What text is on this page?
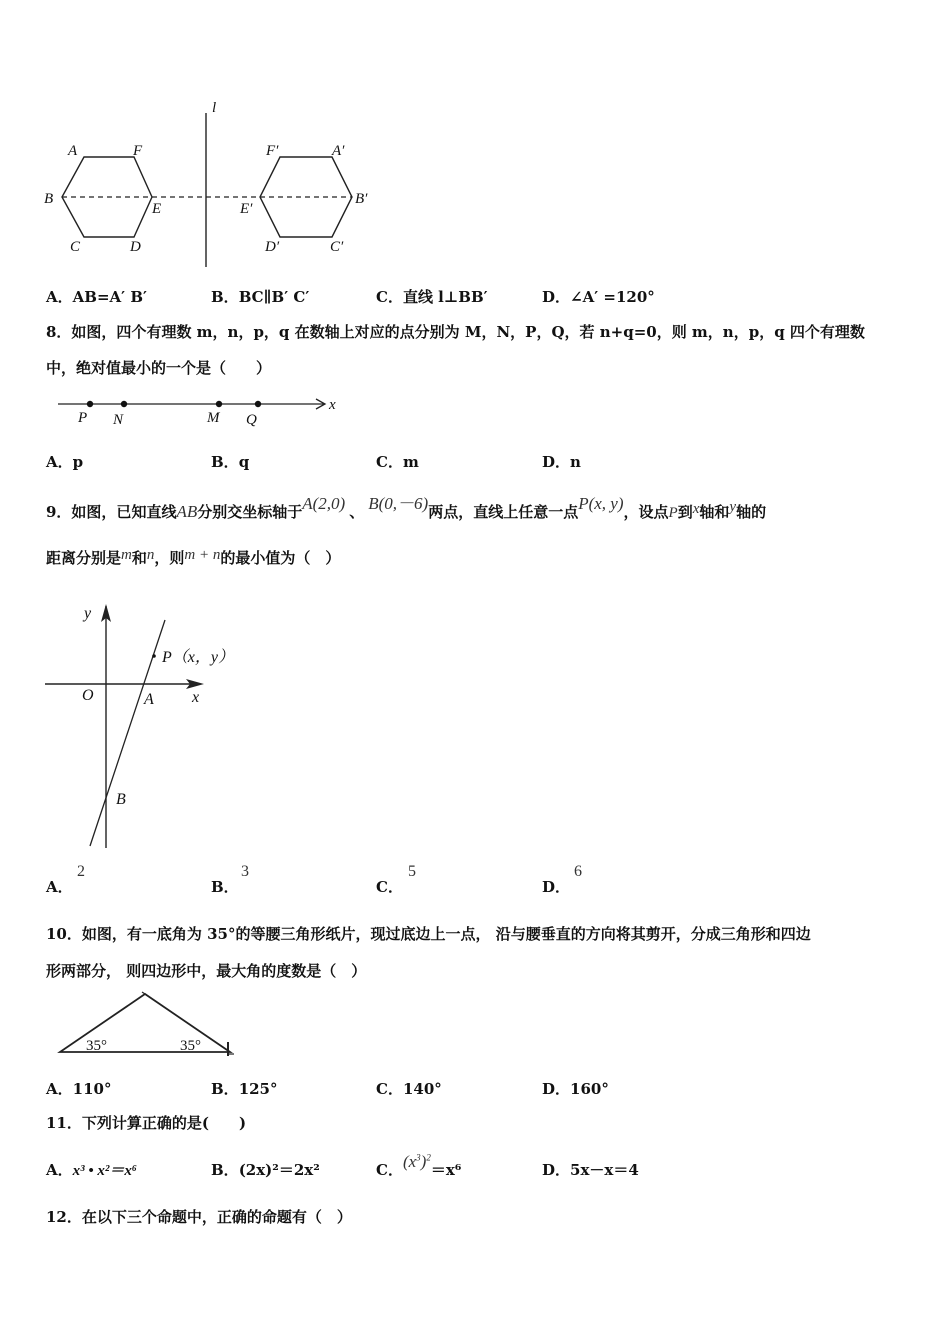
l
A	F
B
E
C	D
F′	A′
E′
B′
D′	C′
A．AB=A′ B′	B．BC∥B′ C′	C．直线 l⊥BB′	D．∠A′ =120°
8．如图，四个有理数 m，n，p，q 在数轴上对应的点分别为 M，N，P，Q，若 n+q=0，则 m，n，p，q 四个有理数
中，绝对值最小的一个是（　　）
x
P N	M Q
A．p	B．q	C．m	D．n
9．如图，已知直线AB分别交坐标轴于A(2,0) 、 B(0,－6)两点，直线上任意一点P(x, y)，设点P到x轴和y轴的
距离分别是m和n，则m + n的最小值为（　）
y
x
O	A
B
P（x，y）
A．
2
B．
3
C．
5
D．
6
10．如图，有一底角为 35°的等腰三角形纸片，现过底边上一点， 沿与腰垂直的方向将其剪开，分成三角形和四边
形两部分， 则四边形中，最大角的度数是（　）
35°	35°
A．110°	B．125°	C．140°	D．160°
11．下列计算正确的是(　　)
A．x³ • x²＝x⁶	B．(2x)²＝2x²	C．$(x^3)^2=x^6$	D．5x－x＝4
12．在以下三个命题中，正确的命题有（　）
